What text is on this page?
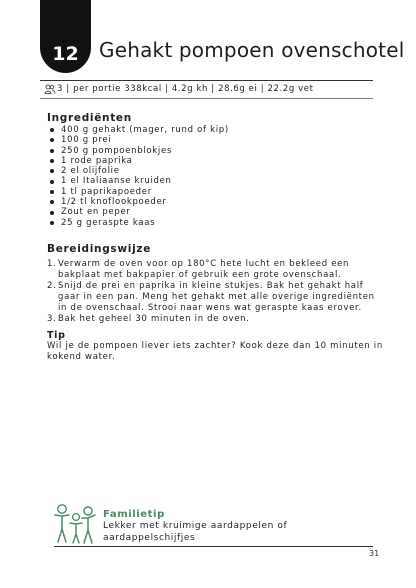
12 Gehakt pompoen ovenschotel
3 | per portie 338kcal | 4.2g kh | 28.6g ei | 22.2g vet
Ingrediënten
400 g gehakt (mager, rund of kip)
100 g prei
250 g pompoenblokjes
1 rode paprika
2 el olijfolie
1 el Italiaanse kruiden
1 tl paprikapoeder
1/2 tl knoflookpoeder
Zout en peper
25 g geraspte kaas
Bereidingswijze
1. Verwarm de oven voor op 180°C hete lucht en bekleed een
bakplaat met bakpapier of gebruik een grote ovenschaal.
2. Snijd de prei en paprika in kleine stukjes. Bak het gehakt half
gaar in een pan. Meng het gehakt met alle overige ingrediënten
in de ovenschaal. Strooi naar wens wat geraspte kaas erover.
3. Bak het geheel 30 minuten in de oven.
Tip
Wil je de pompoen liever iets zachter? Kook deze dan 10 minuten in
kokend water.
Familietip
Lekker met kruimige aardappelen of
aardappelschijfjes
31
